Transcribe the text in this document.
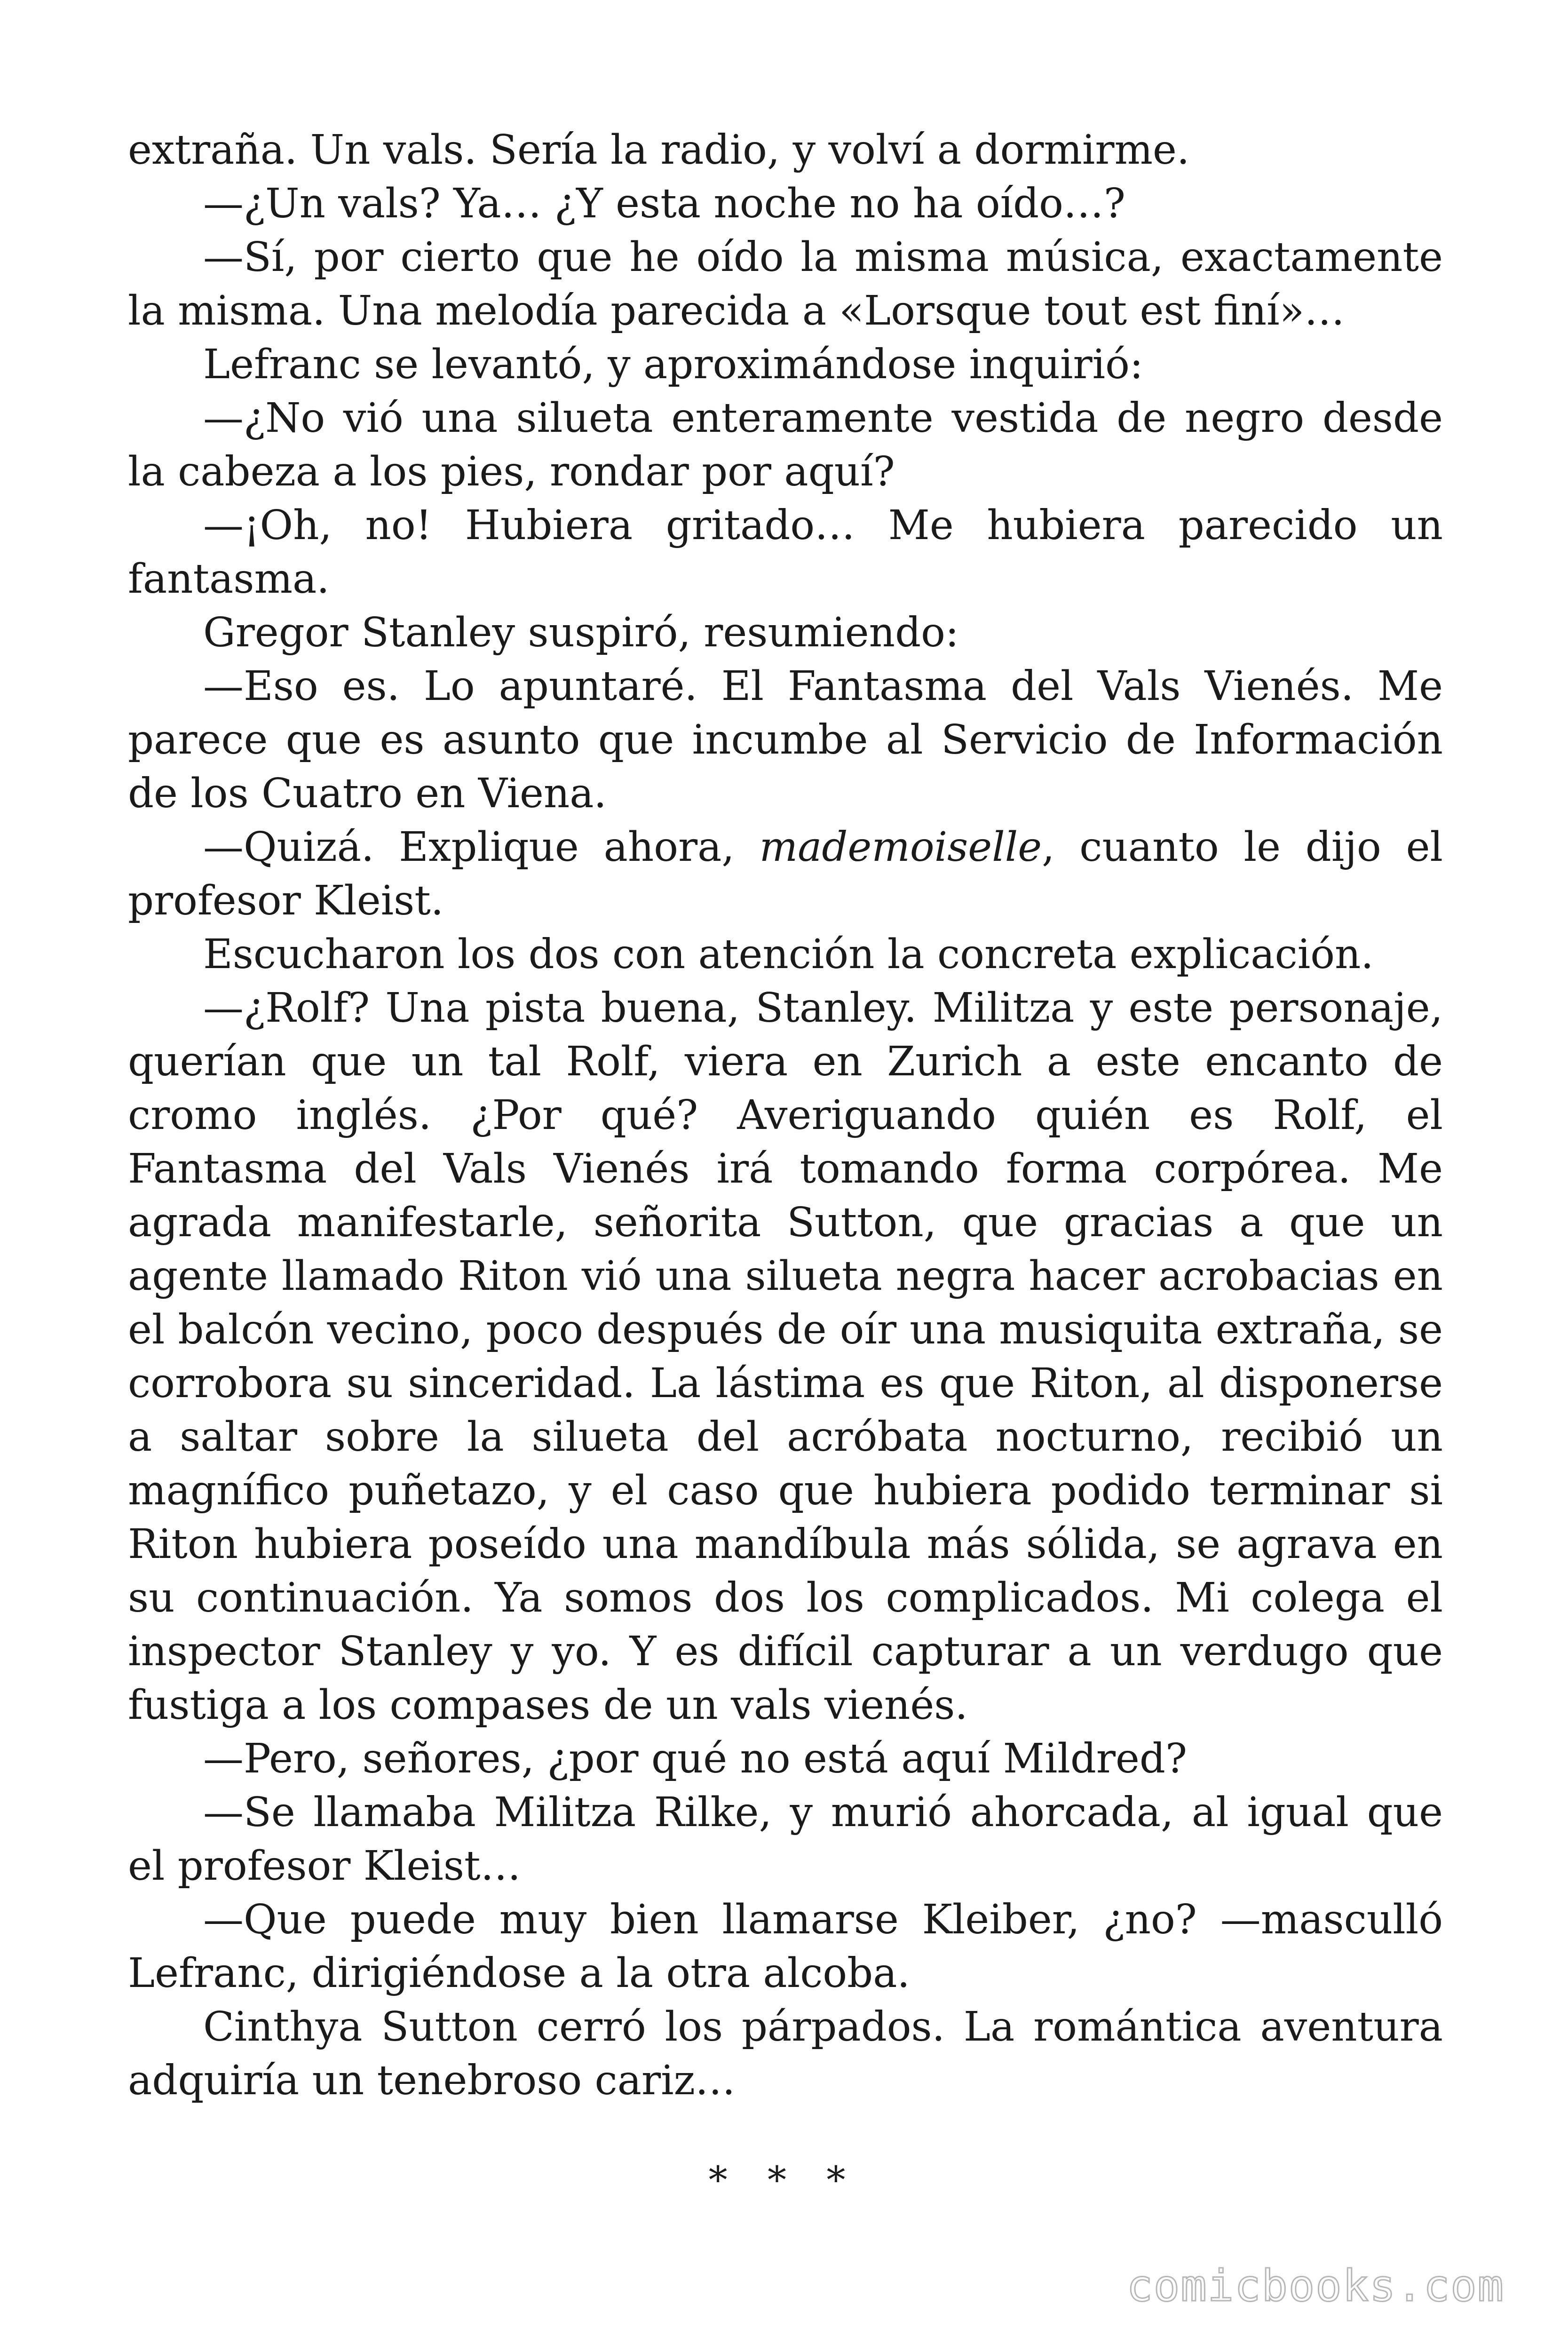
extraña. Un vals. Sería la radio, y volví a dormirme.

—¿Un vals? Ya… ¿Y esta noche no ha oído…?

—Sí, por cierto que he oído la misma música, exactamente la misma. Una melodía parecida a «Lorsque tout est finí»…

Lefranc se levantó, y aproximándose inquirió:

—¿No vió una silueta enteramente vestida de negro desde la cabeza a los pies, rondar por aquí?

—¡Oh, no! Hubiera gritado… Me hubiera parecido un fantasma.

Gregor Stanley suspiró, resumiendo:

—Eso es. Lo apuntaré. El Fantasma del Vals Vienés. Me parece que es asunto que incumbe al Servicio de Información de los Cuatro en Viena.

—Quizá. Explique ahora, mademoiselle, cuanto le dijo el profesor Kleist.

Escucharon los dos con atención la concreta explicación.

—¿Rolf? Una pista buena, Stanley. Militza y este personaje, querían que un tal Rolf, viera en Zurich a este encanto de cromo inglés. ¿Por qué? Averiguando quién es Rolf, el Fantasma del Vals Vienés irá tomando forma corpórea. Me agrada manifestarle, señorita Sutton, que gracias a que un agente llamado Riton vió una silueta negra hacer acrobacias en el balcón vecino, poco después de oír una musiquita extraña, se corrobora su sinceridad. La lástima es que Riton, al disponerse a saltar sobre la silueta del acróbata nocturno, recibió un magnífico puñetazo, y el caso que hubiera podido terminar si Riton hubiera poseído una mandíbula más sólida, se agrava en su continuación. Ya somos dos los complicados. Mi colega el inspector Stanley y yo. Y es difícil capturar a un verdugo que fustiga a los compases de un vals vienés.

—Pero, señores, ¿por qué no está aquí Mildred?

—Se llamaba Militza Rilke, y murió ahorcada, al igual que el profesor Kleist…

—Que puede muy bien llamarse Kleiber, ¿no? —masculló Lefranc, dirigiéndose a la otra alcoba.

Cinthya Sutton cerró los párpados. La romántica aventura adquiría un tenebroso cariz…

* * *
comicbooks.com
